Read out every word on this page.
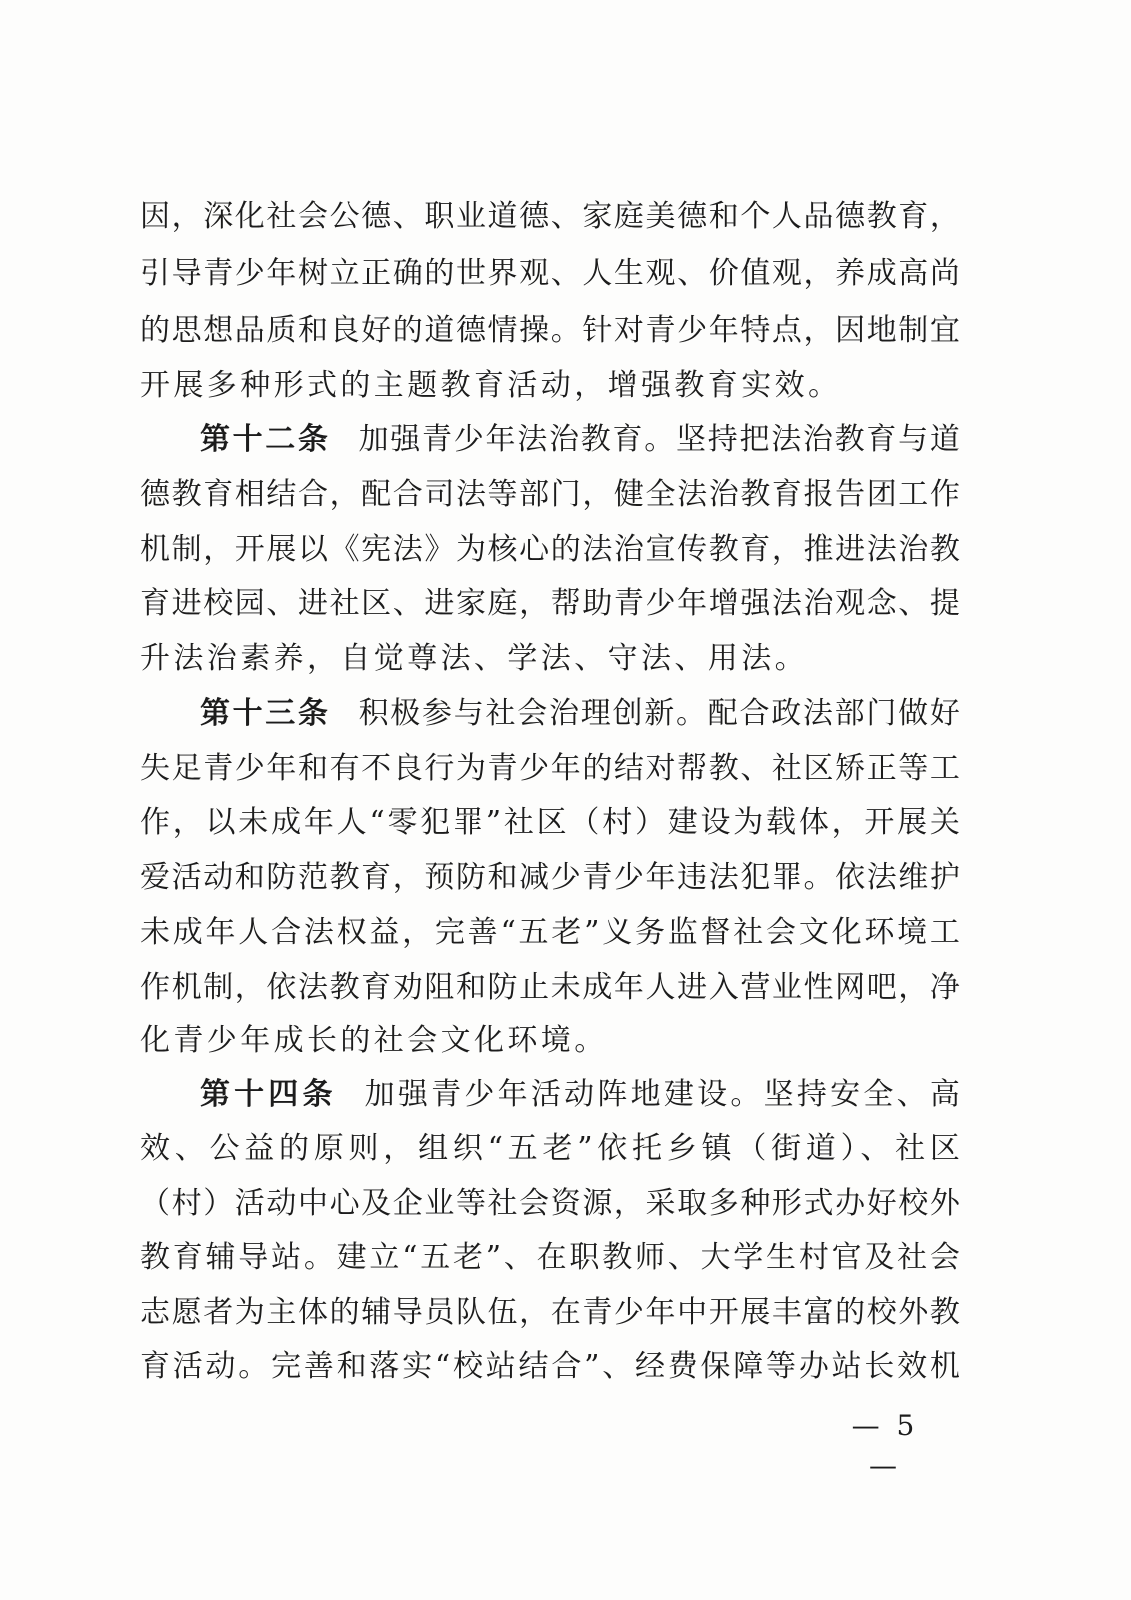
因，深化社会公德、职业道德、家庭美德和个人品德教育，
引导青少年树立正确的世界观、人生观、价值观，养成高尚
的思想品质和良好的道德情操。针对青少年特点，因地制宜
开展多种形式的主题教育活动，增强教育实效。
第十二条 加强青少年法治教育。坚持把法治教育与道
德教育相结合，配合司法等部门，健全法治教育报告团工作
机制，开展以《宪法》为核心的法治宣传教育，推进法治教
育进校园、进社区、进家庭，帮助青少年增强法治观念、提
升法治素养，自觉尊法、学法、守法、用法。
第十三条 积极参与社会治理创新。配合政法部门做好
失足青少年和有不良行为青少年的结对帮教、社区矫正等工
作，以未成年人“零犯罪”社区（村）建设为载体，开展关
爱活动和防范教育，预防和减少青少年违法犯罪。依法维护
未成年人合法权益，完善“五老”义务监督社会文化环境工
作机制，依法教育劝阻和防止未成年人进入营业性网吧，净
化青少年成长的社会文化环境。
第十四条 加强青少年活动阵地建设。坚持安全、高
效、公益的原则，组织“五老”依托乡镇（街道）、社区
（村）活动中心及企业等社会资源，采取多种形式办好校外
教育辅导站。建立“五老”、在职教师、大学生村官及社会
志愿者为主体的辅导员队伍，在青少年中开展丰富的校外教
育活动。完善和落实“校站结合”、经费保障等办站长效机
— 5 —
